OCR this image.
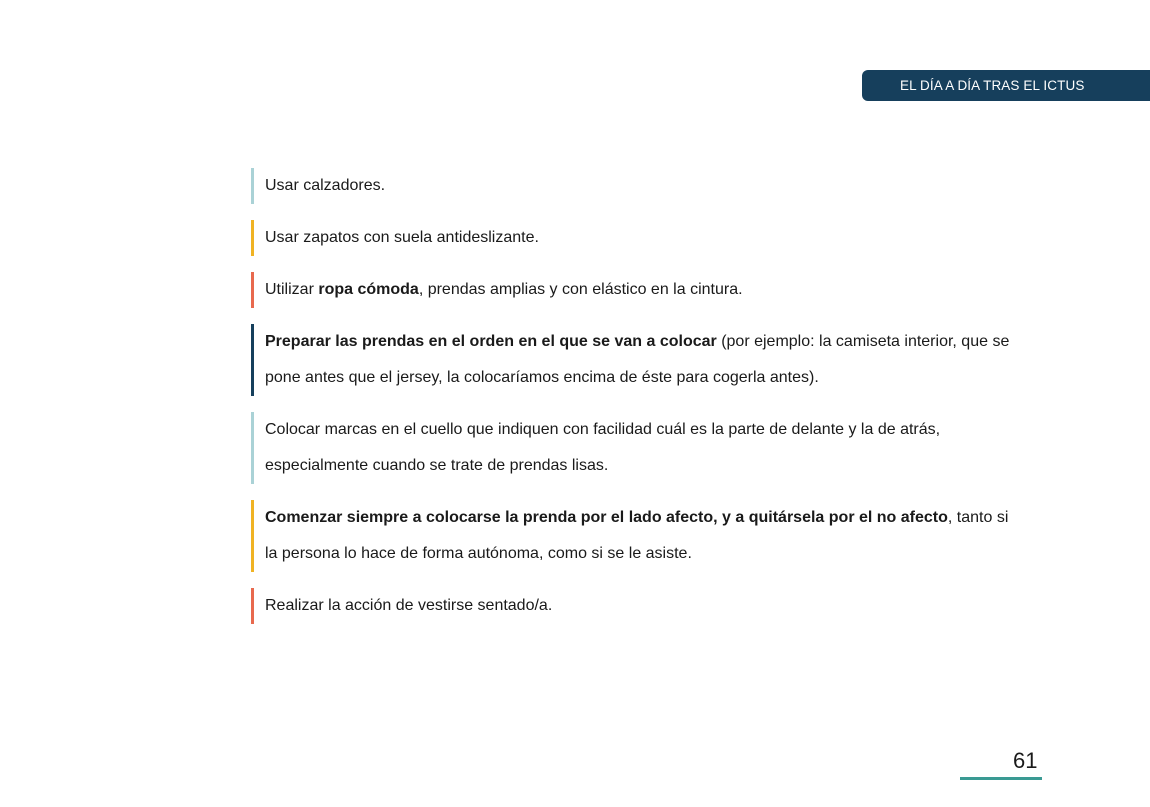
EL DÍA A DÍA TRAS EL ICTUS
Usar calzadores.
Usar zapatos con suela antideslizante.
Utilizar ropa cómoda, prendas amplias y con elástico en la cintura.
Preparar las prendas en el orden en el que se van a colocar (por ejemplo: la camiseta interior, que se pone antes que el jersey, la colocaríamos encima de éste para cogerla antes).
Colocar marcas en el cuello que indiquen con facilidad cuál es la parte de delante y la de atrás, especialmente cuando se trate de prendas lisas.
Comenzar siempre a colocarse la prenda por el lado afecto, y a quitársela por el no afecto, tanto si la persona lo hace de forma autónoma, como si se le asiste.
Realizar la acción de vestirse sentado/a.
61
